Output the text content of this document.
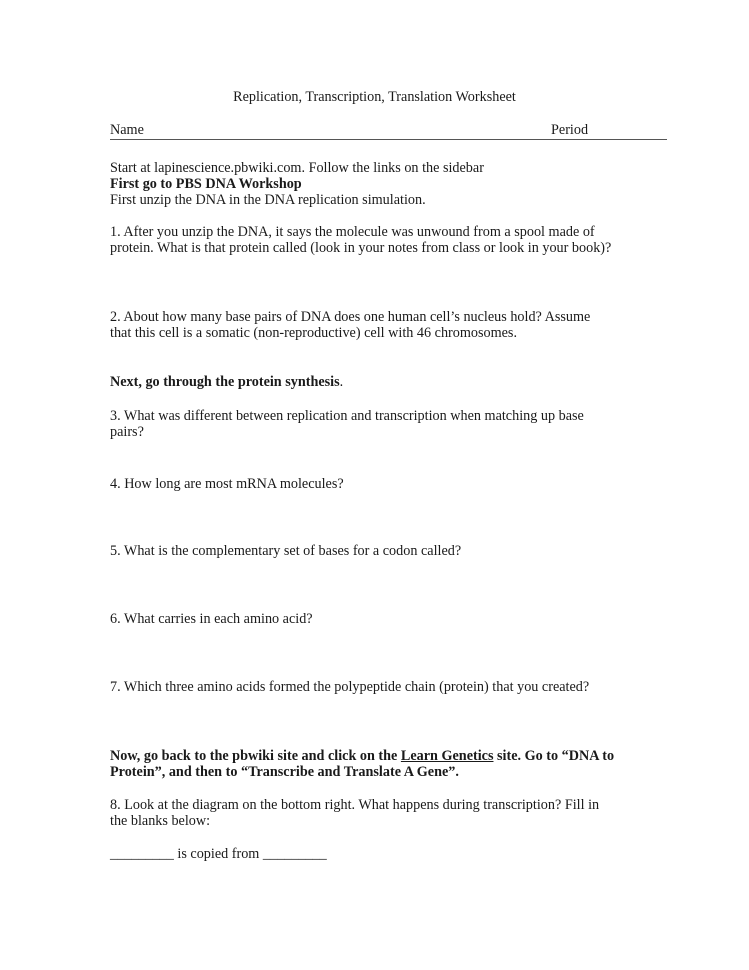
Replication, Transcription, Translation Worksheet
Name	Period
Start at lapinescience.pbwiki.com. Follow the links on the sidebar
First go to PBS DNA Workshop
First unzip the DNA in the DNA replication simulation.
1. After you unzip the DNA, it says the molecule was unwound from a spool made of
protein. What is that protein called (look in your notes from class or look in your book)?
2. About how many base pairs of DNA does one human cell’s nucleus hold? Assume
that this cell is a somatic (non-reproductive) cell with 46 chromosomes.
Next, go through the protein synthesis.
3. What was different between replication and transcription when matching up base
pairs?
4. How long are most mRNA molecules?
5. What is the complementary set of bases for a codon called?
6. What carries in each amino acid?
7. Which three amino acids formed the polypeptide chain (protein) that you created?
Now, go back to the pbwiki site and click on the Learn Genetics site. Go to “DNA to
Protein”, and then to “Transcribe and Translate A Gene”.
8. Look at the diagram on the bottom right. What happens during transcription? Fill in
the blanks below:
_________ is copied from _________
